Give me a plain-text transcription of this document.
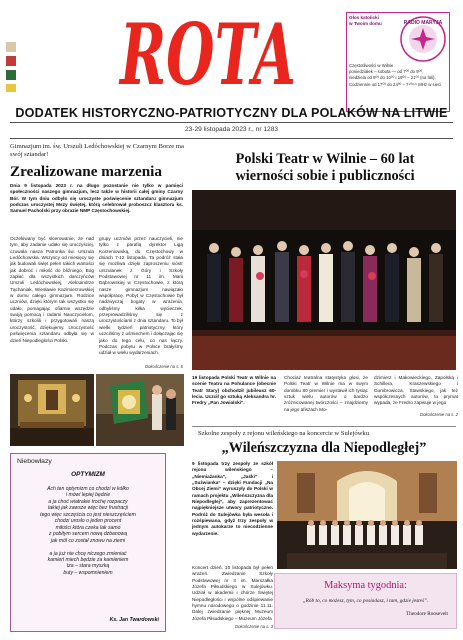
ROTA	Głos katolicki
w Twoim domu	RADIO MARYJA
Częstotliwości w Wilnie
poniedziałek – sobota — od 7⁰⁰ do 9⁰⁰,
niedziela od 9⁰⁰ do 10⁰⁰ i 19⁰⁰ – 21⁰⁰ (na fali),
Codziennie od 17⁰⁰ do 24⁰⁰ – 7⁴⁰⁸·⁵ MHz w sieci
DODATEK HISTORYCZNO-PATRIOTYCZNY DLA POLAKÓW NA LITWIE
23-29 listopada 2023 r., nr 1283
Gimnazjum im. św. Urszuli Ledóchowskiej w Czarnym Borze ma swój sztandar!
Zrealizowane marzenia
Dnia 9 listopada 2023 r. na długo pozostanie nie tylko w pamięci społeczności naszego gimnazjum, lecz także w historii całej gminy Czarny Bór. W tym dniu odbyło się uroczyste poświęcenie sztandaru gimnazjum podczas uroczystej Mszy świętej, którą celebrował proboszcz klasztoru ks. Samuel Pacholski przy obrazie NMP Częstochowskiej.
Oczekiwany być skierowanie, że nad tym, aby zadanie udało się uroczyściej, czuwała nasza Patronka św. Urszula Ledóchowska. Wszyscy od miesięcy się jak budowali święt pełen takich wartości jak dobroć i miłość do bliźniego, Bóg zapłać dla wszystkich darczyńców Urszuli Ledóchowskiej, Aleksandrze Tąchaniak, Wiesławie Kazimierzowskiej w domu całego gimnazjum. Rodzice uczniów, dzięki którym tak wszystko się udało, pomagając ofiarnie wszędzie swoją pomocą i radami Nauczycielom, którzy szkolili i przygotowali naszą uroczystość, dziękujemy. Uroczystość poświęcenia sztandaru odbyła się w dzień Niepodległości Polski.
grupy uczniów przez nauczycieli, nie tylko z parafią dyrektor Ligą Korzeniowską, do Częstochowy w dniach 7-12 listopada. Ta podróż stała się możliwa dzięki zaproszeniu sióstr urszulanek z Góry i Szkoły Podstawowej nr 11 im. Marii Dąbrowskiej w Częstochowie, z którą nasze gimnazjum nawiązało współpracę. Pobyt w Częstochowie był nadzwyczaj bogaty w wrażenia, odbyliśmy kilka wycieczek, przeprowadziliśmy się z uroczystościami z dnia sztandaru. To był wielki tydzień patriotyczny, który uczciliśmy z uśmiechem i dołączając się jako do tego celu, co nas łączy. Podczas pobytu w Polsce brałyśmy udział w wielu wydarzeniach.
Dokończenie na s. 6
Polski Teatr w Wilnie – 60 lat
wierności sobie i publiczności
19 listopada Polski Teatr w Wilnie na scenie Teatru na Pohulance (obecnie Teatr Stary) obchodził jubileusz 60-lecia. Uczcił go sztuką Aleksandra hr. Fredry „Pan Jowialski”.
Chociaż teatralna statystyka głosi, że Polski Teatr w Wilnie ma w swym dorobku 80 premier i wystawił ich tysiąc sztuk wielu autorów o bardzo zróżnicowanej twórczości – znajdziemy na jego afiszach Mo-
dzimierz i Makowieckiego, Zapolską i Schillera, Kraszewskiego i Gombrowicza, Stawskiego, jak też współczesnych autorów, to prymat wypada, że Fredro zapisuje w jego
Dokończenie na s. 2
Szkolne zespoły z rejonu wileńskiego na koncercie w Sulejówku
„Wileńszczyzna dla Niepodległej”
9 listopada trzy zespoły ze szkół rejonu wileńskiego – „Niemiażanka”, „Jaśki” i „Sużwianka” – dzięki Fundacji „Na Obcej Ziemi” wyruszyły do Polski w ramach projektu „Wileńszczyzna dla Niepodległej”, aby zaprezentować najpiękniejsze utwory patriotyczne. Podróż do Sulejówka była wesoła i rozśpiewana, gdyż trzy zespoły w jednym autokarze to niecodzienne wydarzenie.
Koncert dzień, 10 listopada był pełen wrażeń. Zwiedzanie Szkoły Podstawowej nr 3 im. Marszałka Józefa Piłsudskiego w Sulejówku. Udział w akademii i chórze Świętej Niepodległości i wspólne odśpiewanie hymnu narodowego o godzinie 11.11. Dalej zwiedzanie pięknej Muzeum Józefa Piłsudskiego – Muzeum Józefa
Dokończenie na s. 3
Niebowłazy
OPTYMIZM
Ach ten optymizm co chodzi w kółko
i mówi lepiej będzie
a ja choć wiatrakie trochę rozpaczy
takiej jak zawsze więc bez frustracji
tego więc szczęścia co jest nieszczęściem
chodzi urosło o jeden procent
miłości która czeka lak samo
z pobitym sercem nową dzbanową
jak mól co został znowu na ziemi

a ja już nie chcę niczego zmieniać
kamień miech będzie za kamieniem
tza – stara myszką
buty – wspomnieniem
Ks. Jan Twardowski
Maksyma tygodnia:
„Rób to, co możesz, tym, co posiadasz, i tam, gdzie jesteś”.
Theodore Roosevelt
